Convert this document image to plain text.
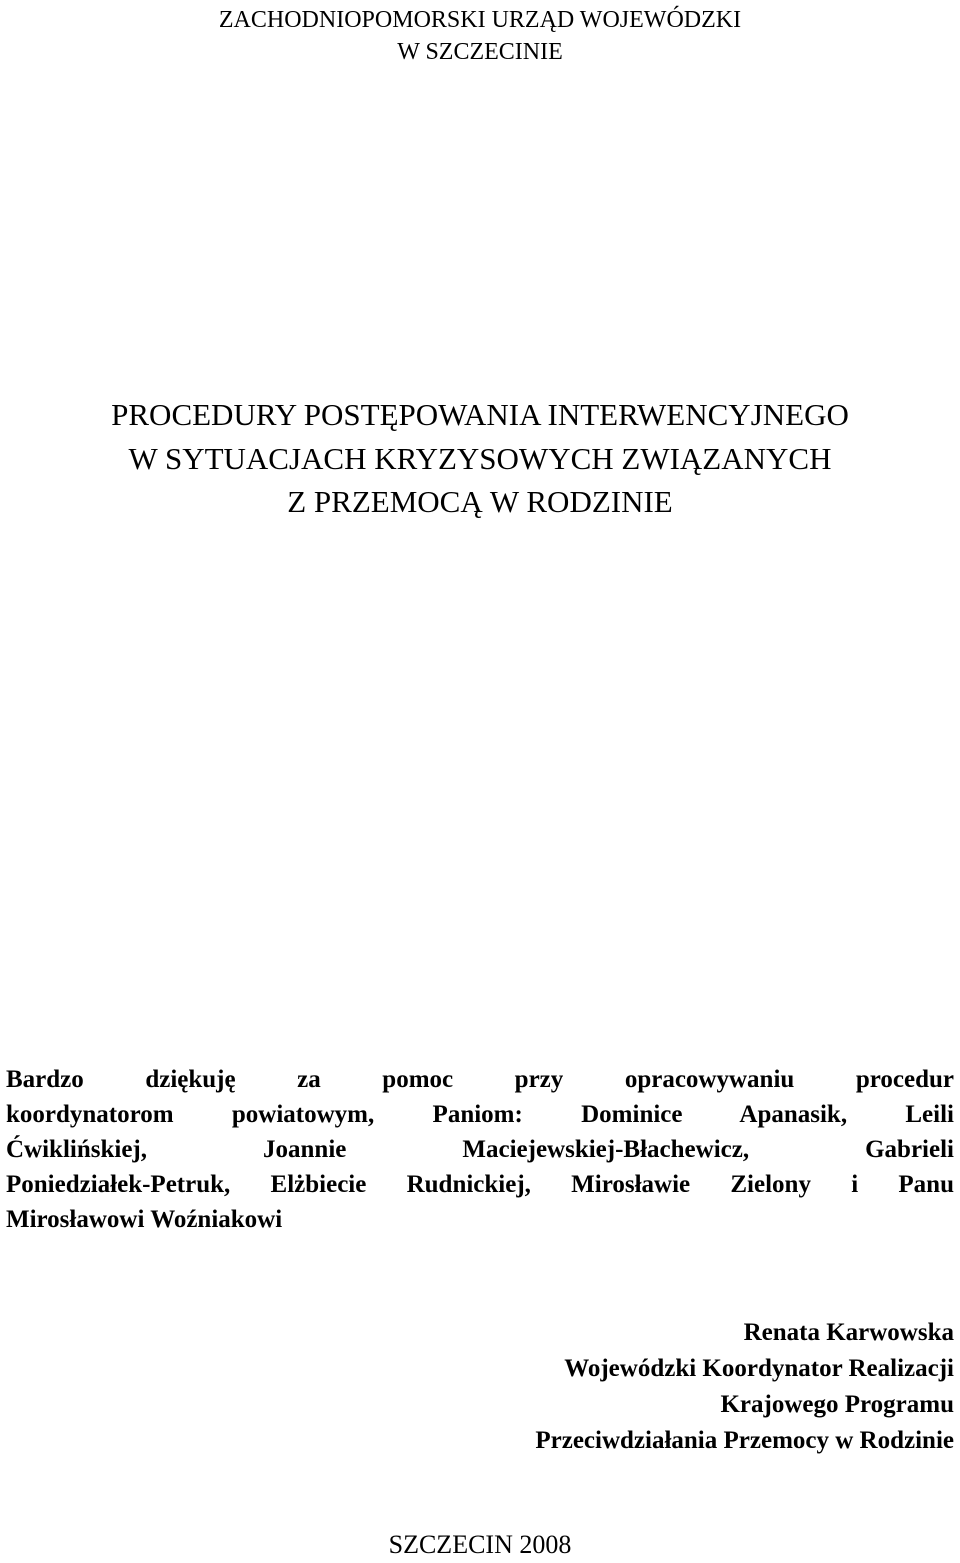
ZACHODNIOPOMORSKI URZĄD WOJEWÓDZKI
W SZCZECINIE
PROCEDURY POSTĘPOWANIA INTERWENCYJNEGO
W SYTUACJACH KRYZYSOWYCH ZWIĄZANYCH
Z PRZEMOCĄ W RODZINIE
Bardzo dziękuję za pomoc przy opracowywaniu procedur
koordynatorom powiatowym, Paniom: Dominice Apanasik, Leili
Ćwiklińskiej, Joannie Maciejewskiej-Błachewicz, Gabrieli
Poniedziałek-Petruk, Elżbiecie Rudnickiej, Mirosławie Zielony i Panu
Mirosławowi Woźniakowi
Renata Karwowska
Wojewódzki Koordynator Realizacji
Krajowego Programu
Przeciwdziałania Przemocy w Rodzinie
SZCZECIN 2008
